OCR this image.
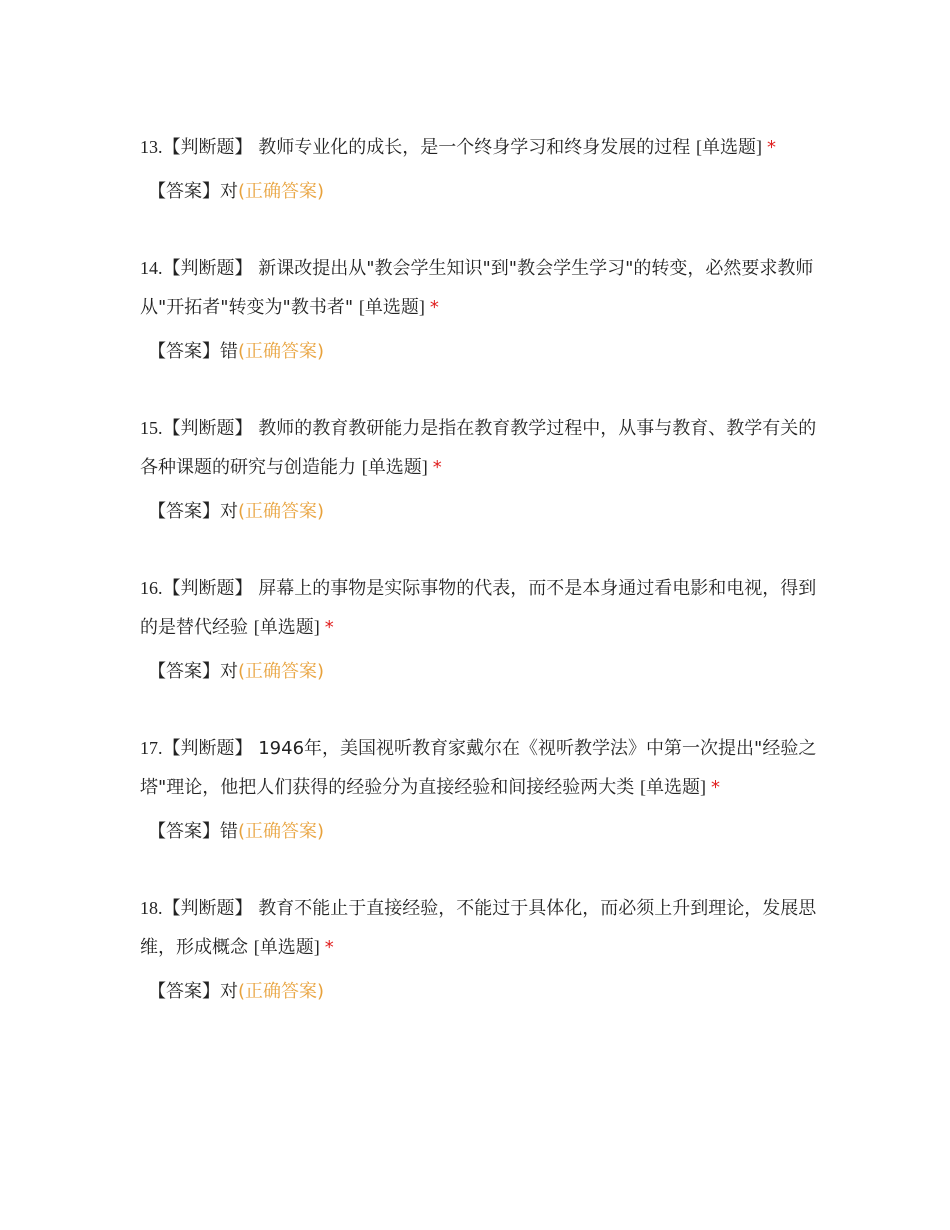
13.【判断题】 教师专业化的成长，是一个终身学习和终身发展的过程 [单选题] *

【答案】对(正确答案)

14.【判断题】 新课改提出从"教会学生知识"到"教会学生学习"的转变，必然要求教师从"开拓者"转变为"教书者" [单选题] *

【答案】错(正确答案)

15.【判断题】 教师的教育教研能力是指在教育教学过程中，从事与教育、教学有关的各种课题的研究与创造能力 [单选题] *

【答案】对(正确答案)

16.【判断题】 屏幕上的事物是实际事物的代表，而不是本身通过看电影和电视，得到的是替代经验 [单选题] *

【答案】对(正确答案)

17.【判断题】 1946年，美国视听教育家戴尔在《视听教学法》中第一次提出"经验之塔"理论，他把人们获得的经验分为直接经验和间接经验两大类 [单选题] *

【答案】错(正确答案)

18.【判断题】 教育不能止于直接经验，不能过于具体化，而必须上升到理论，发展思维，形成概念 [单选题] *

【答案】对(正确答案)
